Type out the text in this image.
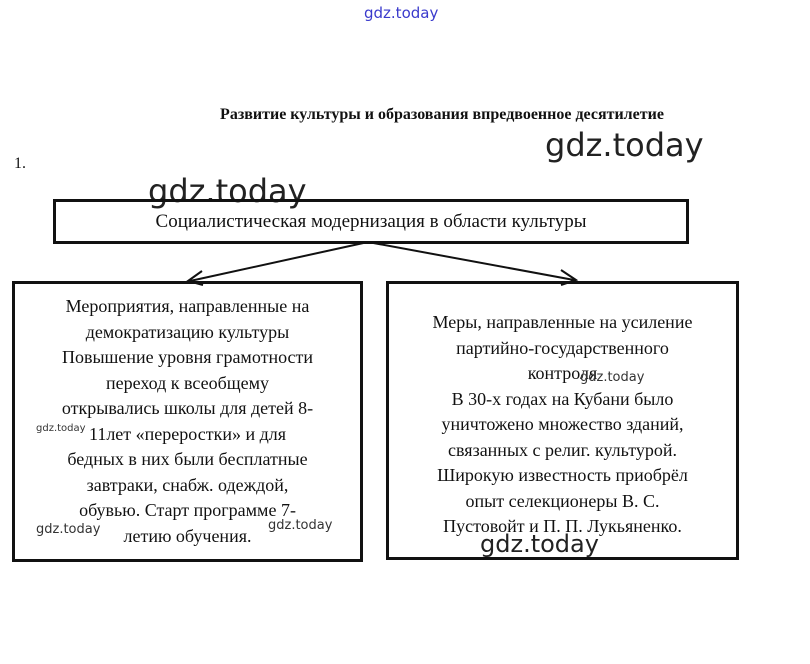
gdz.today
Развитие культуры и образования впредвоенное десятилетие
gdz.today
1.
gdz.today
Социалистическая модернизация в области культуры
Мероприятия, направленные на
демократизацию культуры
Повышение уровня грамотности
переход к всеобщему
открывались школы для детей 8-
11лет «переростки» и для
бедных в них были бесплатные
завтраки, снабж. одеждой,
обувью. Старт программе 7-
летию обучения.
Меры, направленные на усиление
партийно-государственного
контроля
В 30-х годах на Кубани было
уничтожено множество зданий,
связанных с религ. культурой.
Широкую известность приобрёл
опыт селекционеры В. С.
Пустовойт и П. П. Лукьяненко.
gdz.today
gdz.today
gdz.today	gdz.today
gdz.today
